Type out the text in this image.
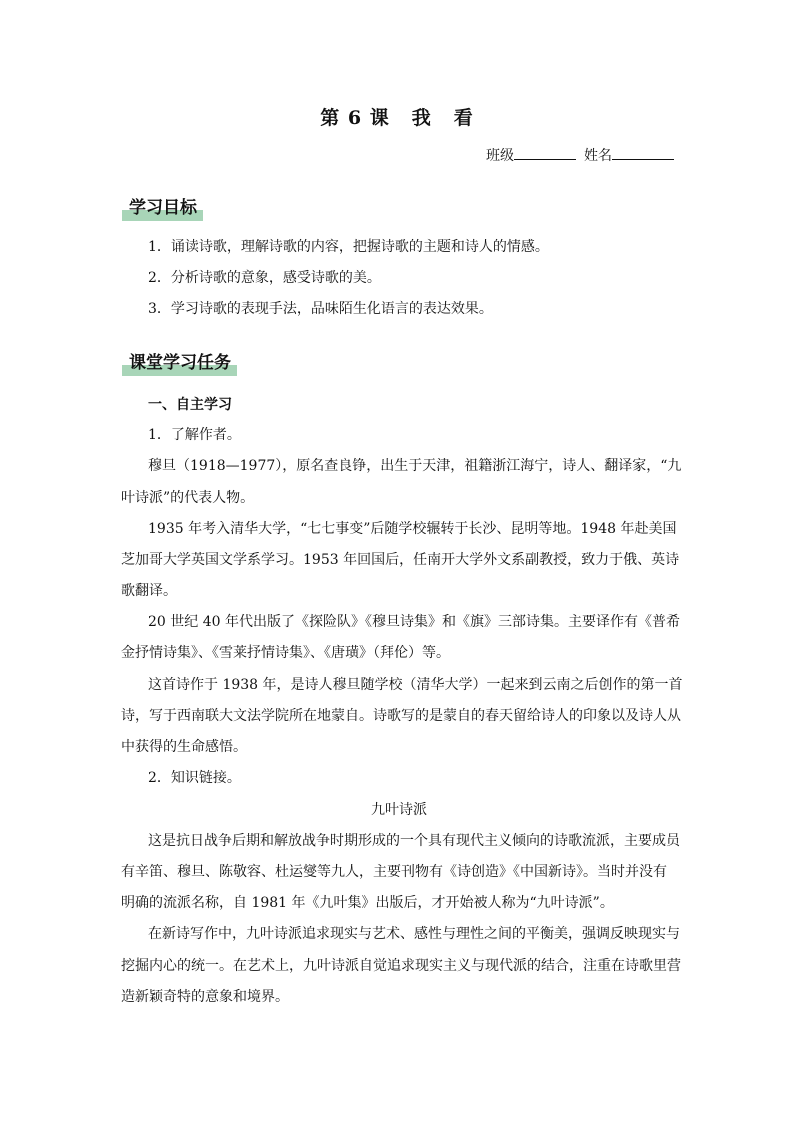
第 6 课 我 看
班级	姓名
学习目标
1．诵读诗歌，理解诗歌的内容，把握诗歌的主题和诗人的情感。
2．分析诗歌的意象，感受诗歌的美。
3．学习诗歌的表现手法，品味陌生化语言的表达效果。
课堂学习任务
一、自主学习
1．了解作者。
穆旦（1918—1977），原名查良铮，出生于天津，祖籍浙江海宁，诗人、翻译家，“九
叶诗派”的代表人物。
1935 年考入清华大学，“七七事变”后随学校辗转于长沙、昆明等地。1948 年赴美国
芝加哥大学英国文学系学习。1953 年回国后，任南开大学外文系副教授，致力于俄、英诗
歌翻译。
20 世纪 40 年代出版了《探险队》《穆旦诗集》和《旗》三部诗集。主要译作有《普希
金抒情诗集》、《雪莱抒情诗集》、《唐璜》（拜伦）等。
这首诗作于 1938 年，是诗人穆旦随学校（清华大学）一起来到云南之后创作的第一首
诗，写于西南联大文法学院所在地蒙自。诗歌写的是蒙自的春天留给诗人的印象以及诗人从
中获得的生命感悟。
2．知识链接。
九叶诗派
这是抗日战争后期和解放战争时期形成的一个具有现代主义倾向的诗歌流派，主要成员
有辛笛、穆旦、陈敬容、杜运燮等九人，主要刊物有《诗创造》《中国新诗》。当时并没有
明确的流派名称，自 1981 年《九叶集》出版后，才开始被人称为“九叶诗派”。
在新诗写作中，九叶诗派追求现实与艺术、感性与理性之间的平衡美，强调反映现实与
挖掘内心的统一。在艺术上，九叶诗派自觉追求现实主义与现代派的结合，注重在诗歌里营
造新颖奇特的意象和境界。
